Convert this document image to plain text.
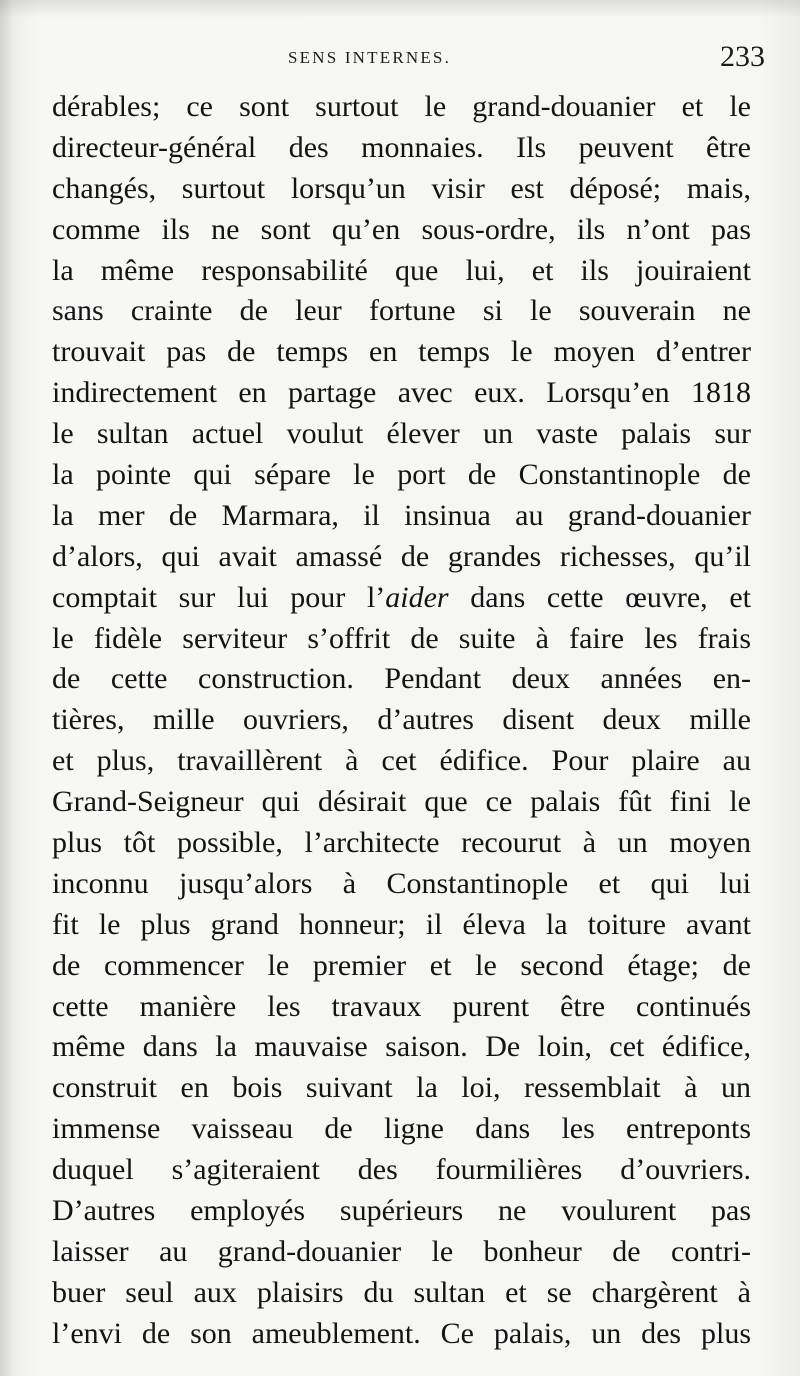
SENS INTERNES.	233
dérables; ce sont surtout le grand-douanier et le
directeur-général des monnaies. Ils peuvent être
changés, surtout lorsqu’un visir est déposé; mais,
comme ils ne sont qu’en sous-ordre, ils n’ont pas
la même responsabilité que lui, et ils jouiraient
sans crainte de leur fortune si le souverain ne
trouvait pas de temps en temps le moyen d’entrer
indirectement en partage avec eux. Lorsqu’en 1818
le sultan actuel voulut élever un vaste palais sur
la pointe qui sépare le port de Constantinople de
la mer de Marmara, il insinua au grand-douanier
d’alors, qui avait amassé de grandes richesses, qu’il
comptait sur lui pour l’aider dans cette œuvre, et
le fidèle serviteur s’offrit de suite à faire les frais
de cette construction. Pendant deux années en-
tières, mille ouvriers, d’autres disent deux mille
et plus, travaillèrent à cet édifice. Pour plaire au
Grand-Seigneur qui désirait que ce palais fût fini le
plus tôt possible, l’architecte recourut à un moyen
inconnu jusqu’alors à Constantinople et qui lui
fit le plus grand honneur; il éleva la toiture avant
de commencer le premier et le second étage; de
cette manière les travaux purent être continués
même dans la mauvaise saison. De loin, cet édifice,
construit en bois suivant la loi, ressemblait à un
immense vaisseau de ligne dans les entreponts
duquel s’agiteraient des fourmilières d’ouvriers.
D’autres employés supérieurs ne voulurent pas
laisser au grand-douanier le bonheur de contri-
buer seul aux plaisirs du sultan et se chargèrent à
l’envi de son ameublement. Ce palais, un des plus
